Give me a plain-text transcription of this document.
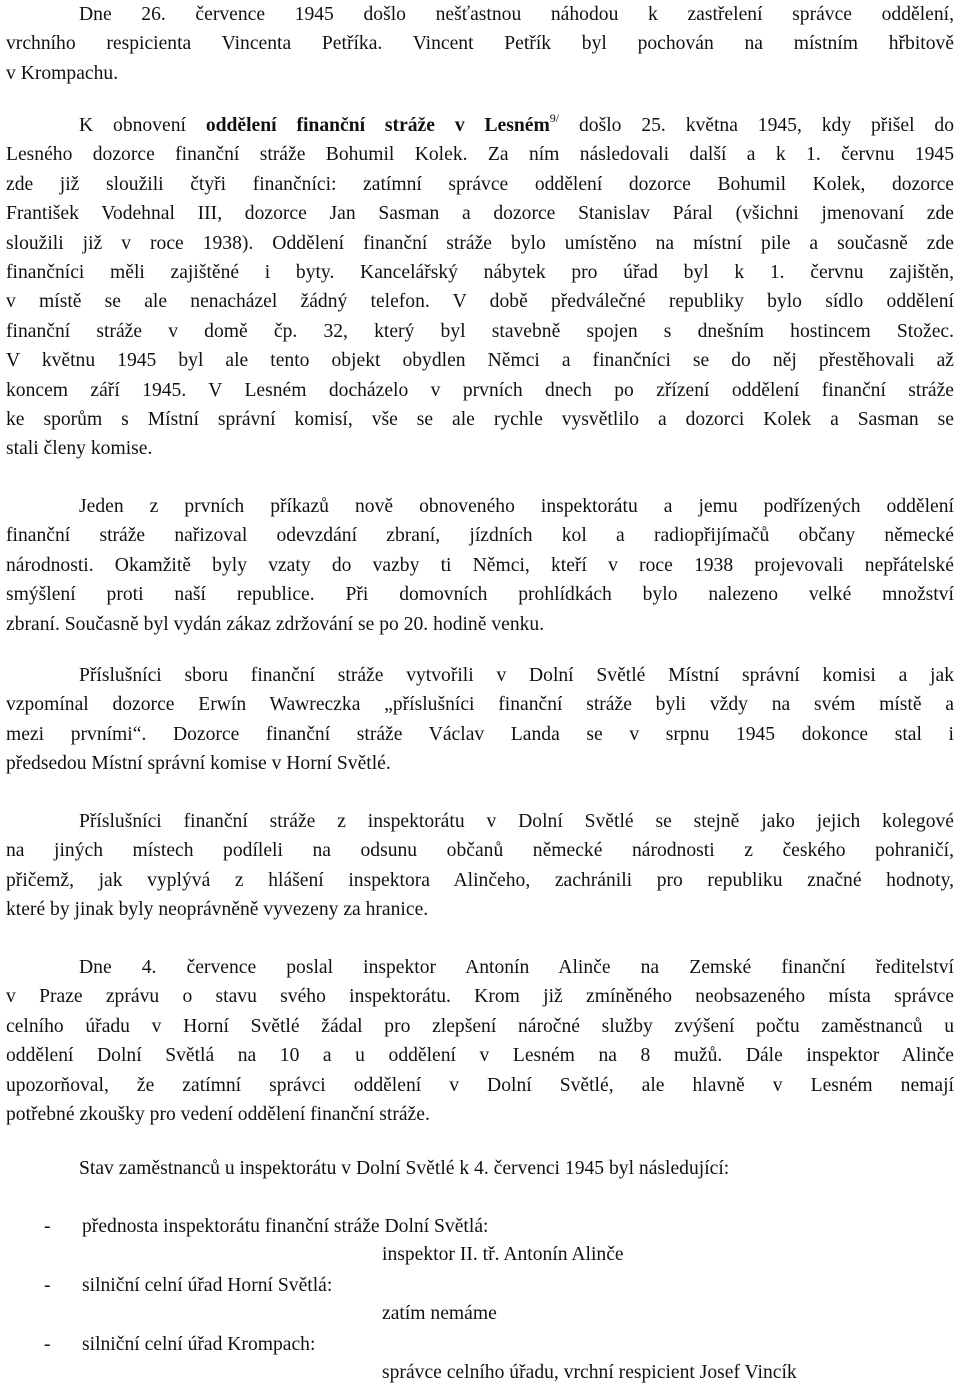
Dne 26. července 1945 došlo nešťastnou náhodou k zastřelení správce oddělení,
vrchního respicienta Vincenta Petříka. Vincent Petřík byl pochován na místním hřbitově
v Krompachu.
K obnovení oddělení finanční stráže v Lesném$^{9/}$ došlo 25. května 1945, kdy přišel do
Lesného dozorce finanční stráže Bohumil Kolek. Za ním následovali další a k 1. červnu 1945
zde již sloužili čtyři finančníci: zatímní správce oddělení dozorce Bohumil Kolek, dozorce
František Vodehnal III, dozorce Jan Sasman a dozorce Stanislav Páral (všichni jmenovaní zde
sloužili již v roce 1938). Oddělení finanční stráže bylo umístěno na místní pile a současně zde
finančníci měli zajištěné i byty. Kancelářský nábytek pro úřad byl k 1. červnu zajištěn,
v místě se ale nenacházel žádný telefon. V době předválečné republiky bylo sídlo oddělení
finanční stráže v domě čp. 32, který byl stavebně spojen s dnešním hostincem Stožec.
V květnu 1945 byl ale tento objekt obydlen Němci a finančníci se do něj přestěhovali až
koncem září 1945. V Lesném docházelo v prvních dnech po zřízení oddělení finanční stráže
ke sporům s Místní správní komisí, vše se ale rychle vysvětlilo a dozorci Kolek a Sasman se
stali členy komise.
Jeden z prvních příkazů nově obnoveného inspektorátu a jemu podřízených oddělení
finanční stráže nařizoval odevzdání zbraní, jízdních kol a radiopřijímačů občany německé
národnosti. Okamžitě byly vzaty do vazby ti Němci, kteří v roce 1938 projevovali nepřátelské
smýšlení proti naší republice. Při domovních prohlídkách bylo nalezeno velké množství
zbraní. Současně byl vydán zákaz zdržování se po 20. hodině venku.
Příslušníci sboru finanční stráže vytvořili v Dolní Světlé Místní správní komisi a jak
vzpomínal dozorce Erwín Wawreczka „příslušníci finanční stráže byli vždy na svém místě a
mezi prvními“. Dozorce finanční stráže Václav Landa se v srpnu 1945 dokonce stal i
předsedou Místní správní komise v Horní Světlé.
Příslušníci finanční stráže z inspektorátu v Dolní Světlé se stejně jako jejich kolegové
na jiných místech podíleli na odsunu občanů německé národnosti z českého pohraničí,
přičemž, jak vyplývá z hlášení inspektora Alinčeho, zachránili pro republiku značné hodnoty,
které by jinak byly neoprávněně vyvezeny za hranice.
Dne 4. července poslal inspektor Antonín Alinče na Zemské finanční ředitelství
v Praze zprávu o stavu svého inspektorátu. Krom již zmíněného neobsazeného místa správce
celního úřadu v Horní Světlé žádal pro zlepšení náročné služby zvýšení počtu zaměstnanců u
oddělení Dolní Světlá na 10 a u oddělení v Lesném na 8 mužů. Dále inspektor Alinče
upozorňoval, že zatímní správci oddělení v Dolní Světlé, ale hlavně v Lesném nemají
potřebné zkoušky pro vedení oddělení finanční stráže.
Stav zaměstnanců u inspektorátu v Dolní Světlé k 4. červenci 1945 byl následující:
- přednosta inspektorátu finanční stráže Dolní Světlá:
inspektor II. tř. Antonín Alinče
- silniční celní úřad Horní Světlá:
zatím nemáme
- silniční celní úřad Krompach:
správce celního úřadu, vrchní respicient Josef Vincík
